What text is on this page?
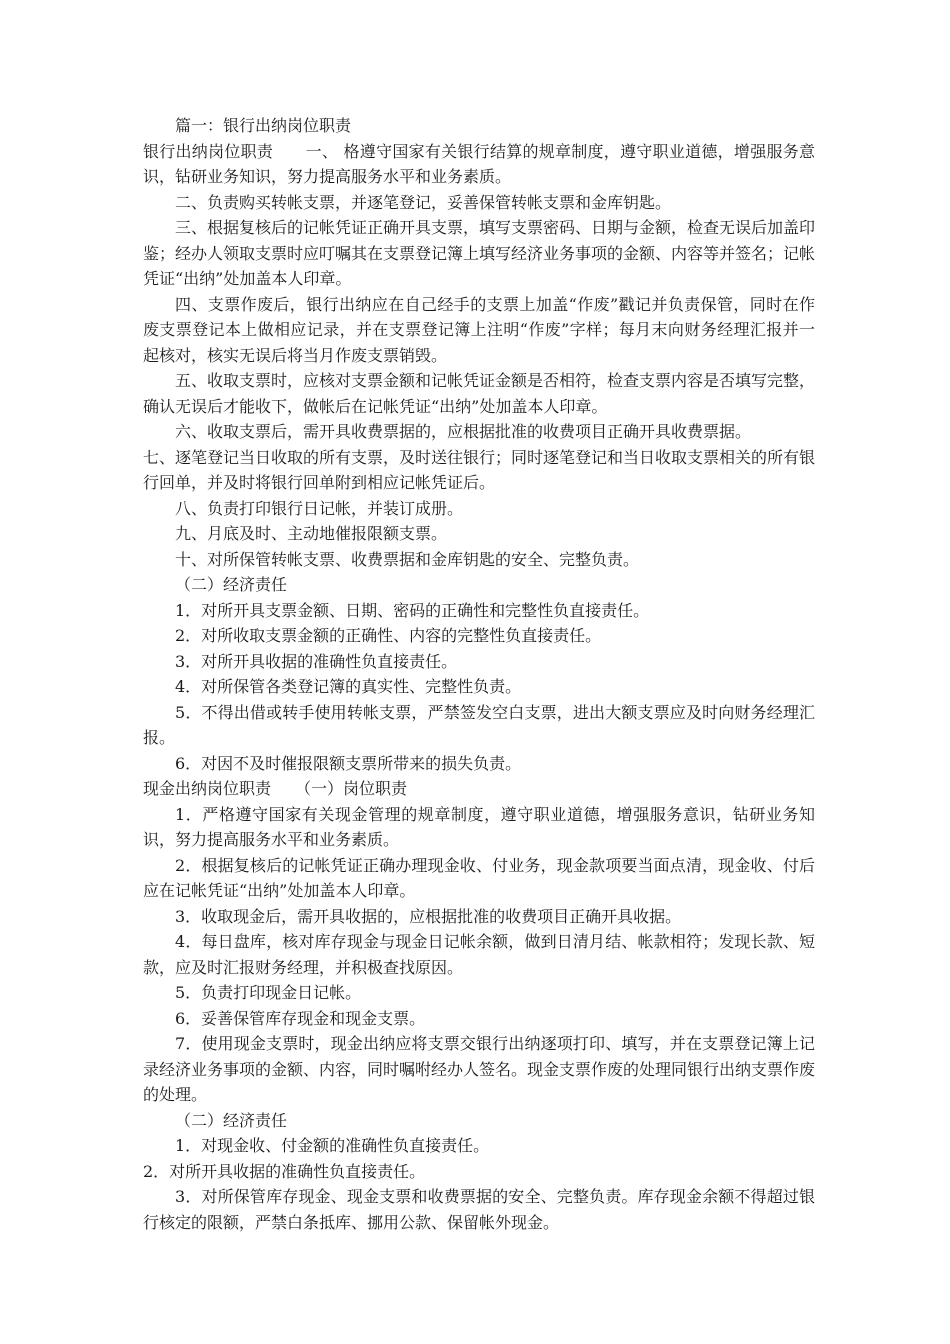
篇一：银行出纳岗位职责

银行出纳岗位职责　　一、 格遵守国家有关银行结算的规章制度，遵守职业道德，增强服务意识，钻研业务知识，努力提高服务水平和业务素质。

二、负责购买转帐支票，并逐笔登记，妥善保管转帐支票和金库钥匙。

三、根据复核后的记帐凭证正确开具支票，填写支票密码、日期与金额，检查无误后加盖印鉴；经办人领取支票时应叮嘱其在支票登记簿上填写经济业务事项的金额、内容等并签名；记帐凭证“出纳”处加盖本人印章。

四、支票作废后，银行出纳应在自己经手的支票上加盖“作废”戳记并负责保管，同时在作废支票登记本上做相应记录，并在支票登记簿上注明“作废”字样；每月末向财务经理汇报并一起核对，核实无误后将当月作废支票销毁。

五、收取支票时，应核对支票金额和记帐凭证金额是否相符，检查支票内容是否填写完整，确认无误后才能收下，做帐后在记帐凭证“出纳”处加盖本人印章。

六、收取支票后，需开具收费票据的，应根据批准的收费项目正确开具收费票据。

七、逐笔登记当日收取的所有支票，及时送往银行；同时逐笔登记和当日收取支票相关的所有银行回单，并及时将银行回单附到相应记帐凭证后。

八、负责打印银行日记帐，并装订成册。

九、月底及时、主动地催报限额支票。

十、对所保管转帐支票、收费票据和金库钥匙的安全、完整负责。

（二）经济责任

1．对所开具支票金额、日期、密码的正确性和完整性负直接责任。

2．对所收取支票金额的正确性、内容的完整性负直接责任。

3．对所开具收据的准确性负直接责任。

4．对所保管各类登记簿的真实性、完整性负责。

5．不得出借或转手使用转帐支票，严禁签发空白支票，进出大额支票应及时向财务经理汇报。

6．对因不及时催报限额支票所带来的损失负责。

现金出纳岗位职责　　（一）岗位职责

1．严格遵守国家有关现金管理的规章制度，遵守职业道德，增强服务意识，钻研业务知识，努力提高服务水平和业务素质。

2．根据复核后的记帐凭证正确办理现金收、付业务，现金款项要当面点清，现金收、付后应在记帐凭证“出纳”处加盖本人印章。

3．收取现金后，需开具收据的，应根据批准的收费项目正确开具收据。

4．每日盘库，核对库存现金与现金日记帐余额，做到日清月结、帐款相符；发现长款、短款，应及时汇报财务经理，并积极查找原因。

5．负责打印现金日记帐。

6．妥善保管库存现金和现金支票。

7．使用现金支票时，现金出纳应将支票交银行出纳逐项打印、填写，并在支票登记簿上记录经济业务事项的金额、内容，同时嘱咐经办人签名。现金支票作废的处理同银行出纳支票作废的处理。

（二）经济责任

1．对现金收、付金额的准确性负直接责任。

2．对所开具收据的准确性负直接责任。

3．对所保管库存现金、现金支票和收费票据的安全、完整负责。库存现金余额不得超过银行核定的限额，严禁白条抵库、挪用公款、保留帐外现金。
